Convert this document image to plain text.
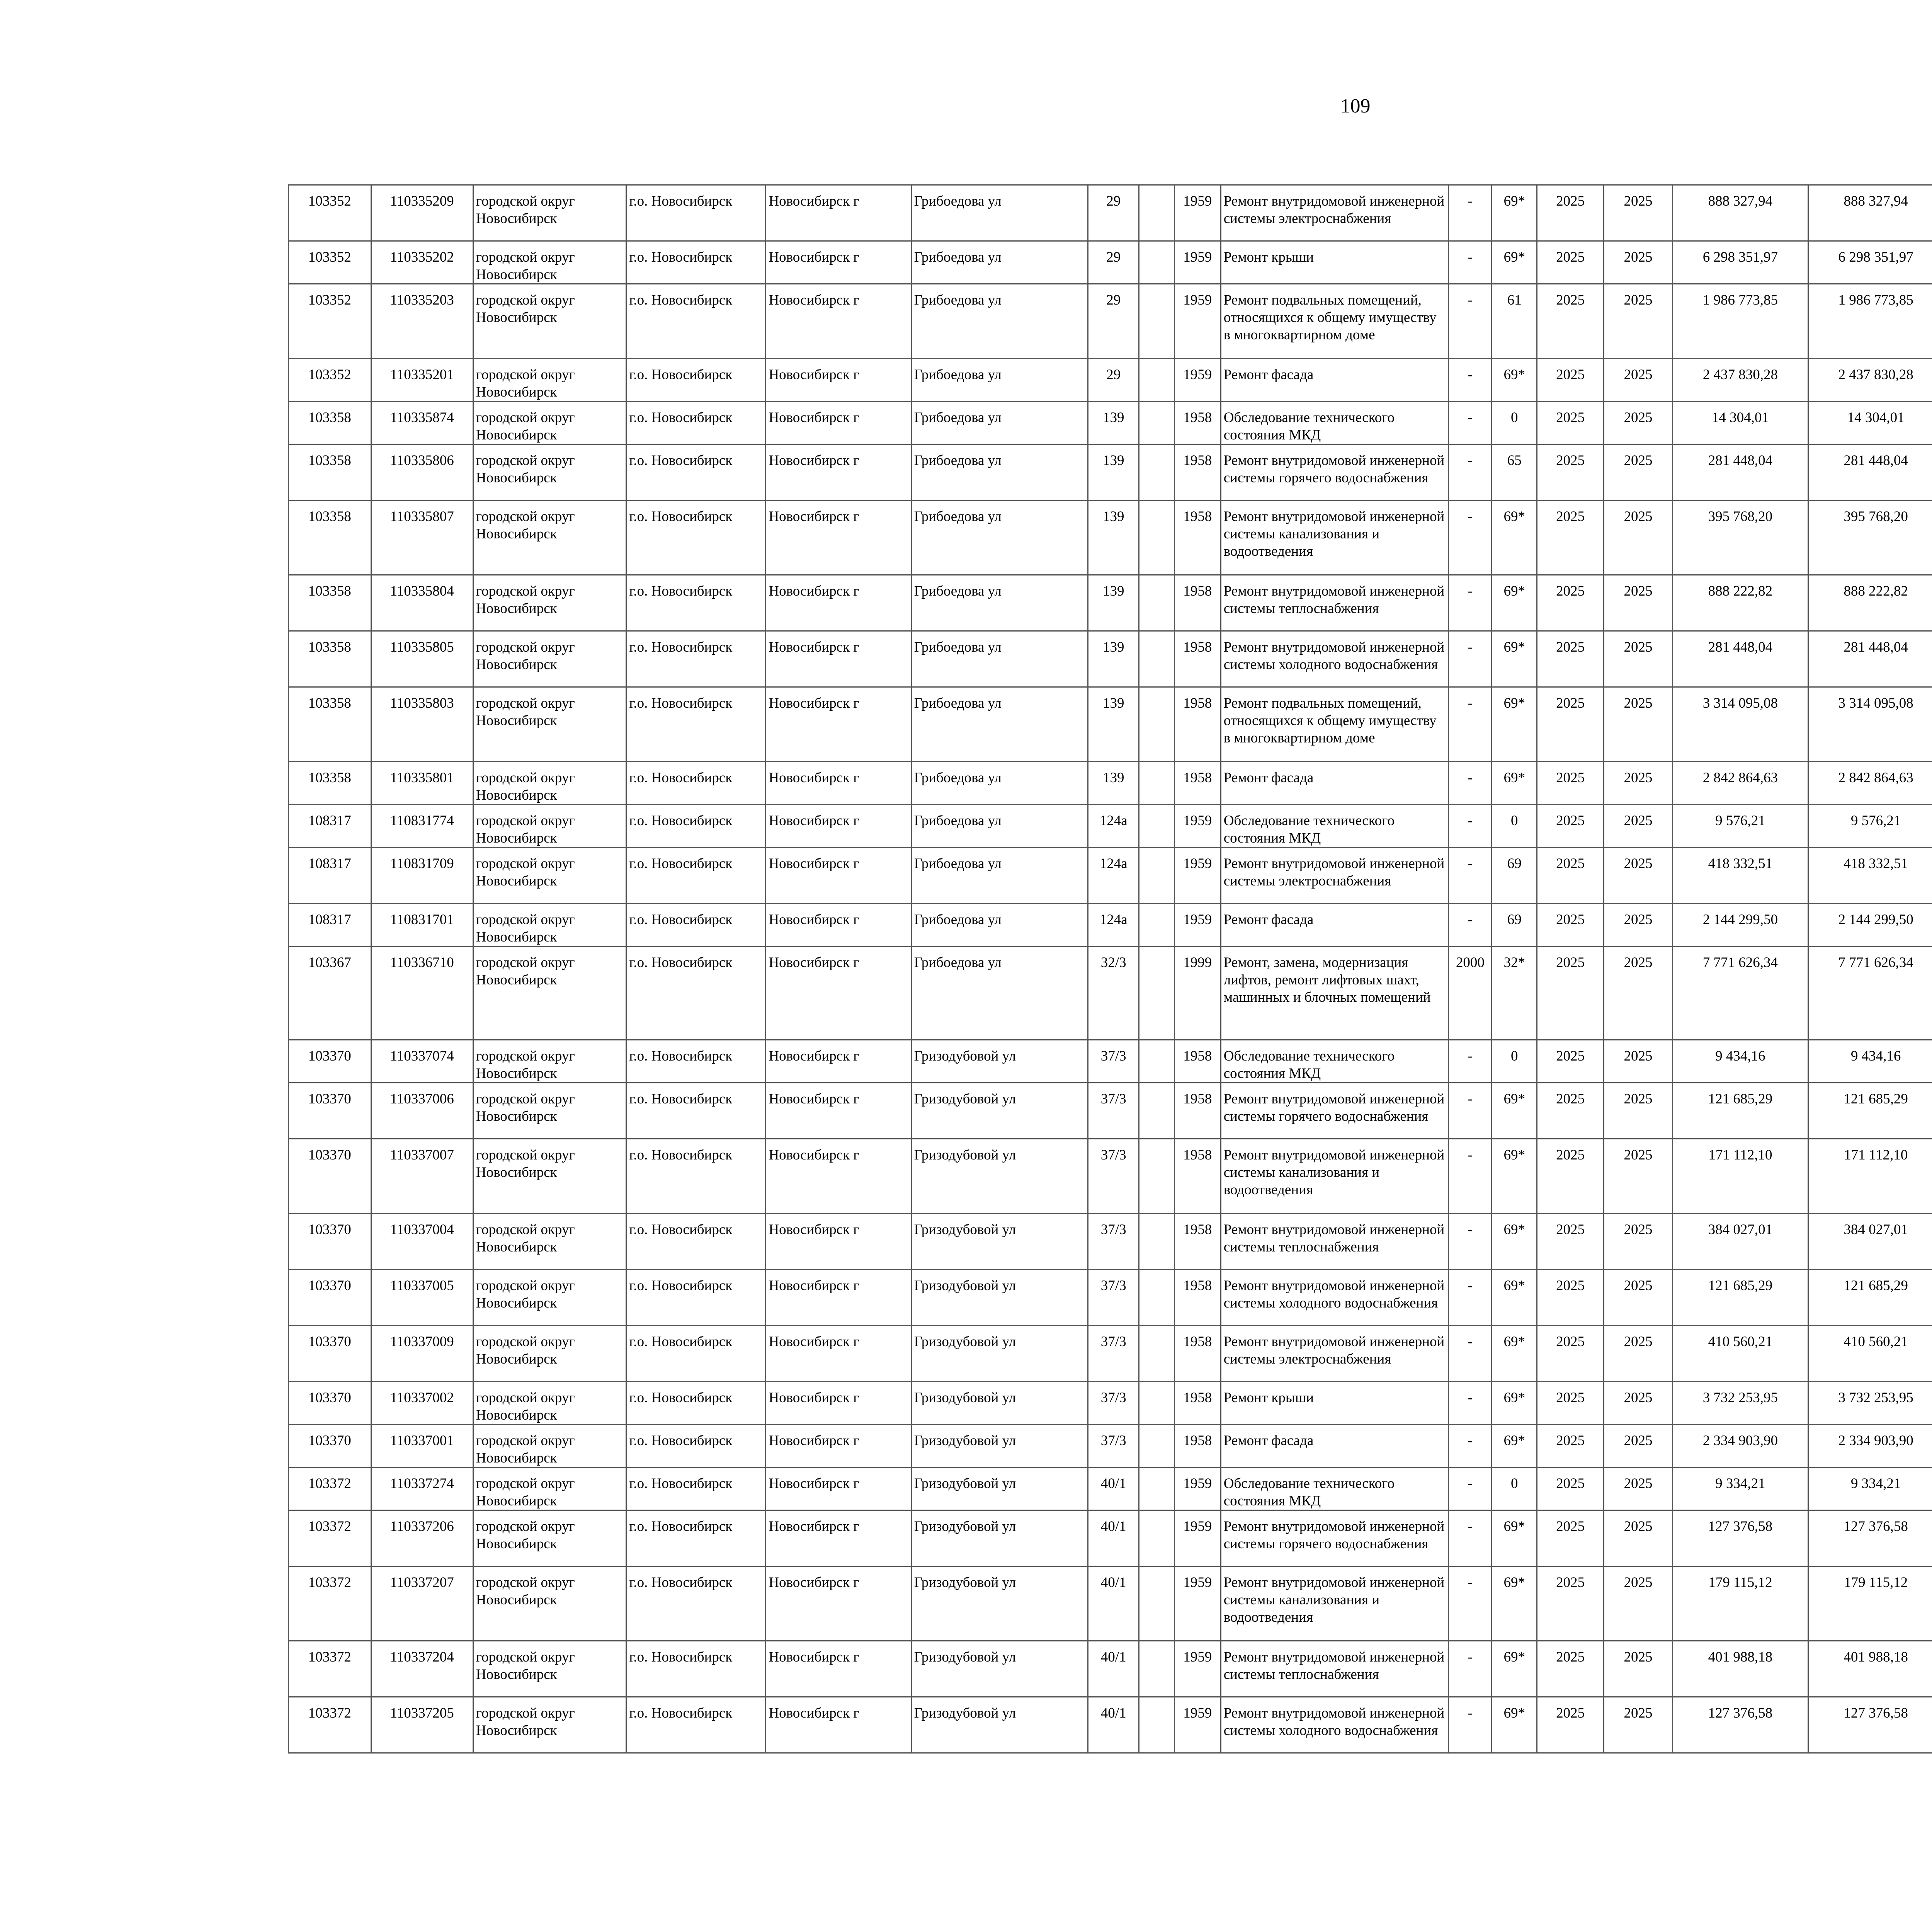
109
103352	110335209	городской округ Новосибирск	г.о. Новосибирск	Новосибирск г	Грибоедова ул	29		1959	Ремонт внутридомовой инженерной системы электроснабжения	-	69*	2025	2025	888 327,94	888 327,94						
103352	110335202	городской округ Новосибирск	г.о. Новосибирск	Новосибирск г	Грибоедова ул	29		1959	Ремонт крыши	-	69*	2025	2025	6 298 351,97	6 298 351,97						
103352	110335203	городской округ Новосибирск	г.о. Новосибирск	Новосибирск г	Грибоедова ул	29		1959	Ремонт подвальных помещений, относящихся к общему имуществу в многоквартирном доме	-	61	2025	2025	1 986 773,85	1 986 773,85						
103352	110335201	городской округ Новосибирск	г.о. Новосибирск	Новосибирск г	Грибоедова ул	29		1959	Ремонт фасада	-	69*	2025	2025	2 437 830,28	2 437 830,28						
103358	110335874	городской округ Новосибирск	г.о. Новосибирск	Новосибирск г	Грибоедова ул	139		1958	Обследование технического состояния МКД	-	0	2025	2025	14 304,01	14 304,01						
103358	110335806	городской округ Новосибирск	г.о. Новосибирск	Новосибирск г	Грибоедова ул	139		1958	Ремонт внутридомовой инженерной системы горячего водоснабжения	-	65	2025	2025	281 448,04	281 448,04						
103358	110335807	городской округ Новосибирск	г.о. Новосибирск	Новосибирск г	Грибоедова ул	139		1958	Ремонт внутридомовой инженерной системы канализования и водоотведения	-	69*	2025	2025	395 768,20	395 768,20						
103358	110335804	городской округ Новосибирск	г.о. Новосибирск	Новосибирск г	Грибоедова ул	139		1958	Ремонт внутридомовой инженерной системы теплоснабжения	-	69*	2025	2025	888 222,82	888 222,82						
103358	110335805	городской округ Новосибирск	г.о. Новосибирск	Новосибирск г	Грибоедова ул	139		1958	Ремонт внутридомовой инженерной системы холодного водоснабжения	-	69*	2025	2025	281 448,04	281 448,04						
103358	110335803	городской округ Новосибирск	г.о. Новосибирск	Новосибирск г	Грибоедова ул	139		1958	Ремонт подвальных помещений, относящихся к общему имуществу в многоквартирном доме	-	69*	2025	2025	3 314 095,08	3 314 095,08						
103358	110335801	городской округ Новосибирск	г.о. Новосибирск	Новосибирск г	Грибоедова ул	139		1958	Ремонт фасада	-	69*	2025	2025	2 842 864,63	2 842 864,63						
108317	110831774	городской округ Новосибирск	г.о. Новосибирск	Новосибирск г	Грибоедова ул	124а		1959	Обследование технического состояния МКД	-	0	2025	2025	9 576,21	9 576,21						
108317	110831709	городской округ Новосибирск	г.о. Новосибирск	Новосибирск г	Грибоедова ул	124а		1959	Ремонт внутридомовой инженерной системы электроснабжения	-	69	2025	2025	418 332,51	418 332,51						
108317	110831701	городской округ Новосибирск	г.о. Новосибирск	Новосибирск г	Грибоедова ул	124а		1959	Ремонт фасада	-	69	2025	2025	2 144 299,50	2 144 299,50						
103367	110336710	городской округ Новосибирск	г.о. Новосибирск	Новосибирск г	Грибоедова ул	32/3		1999	Ремонт, замена, модернизация лифтов, ремонт лифтовых шахт, машинных и блочных помещений	2000	32*	2025	2025	7 771 626,34	7 771 626,34						
103370	110337074	городской округ Новосибирск	г.о. Новосибирск	Новосибирск г	Гризодубовой ул	37/3		1958	Обследование технического состояния МКД	-	0	2025	2025	9 434,16	9 434,16						
103370	110337006	городской округ Новосибирск	г.о. Новосибирск	Новосибирск г	Гризодубовой ул	37/3		1958	Ремонт внутридомовой инженерной системы горячего водоснабжения	-	69*	2025	2025	121 685,29	121 685,29						
103370	110337007	городской округ Новосибирск	г.о. Новосибирск	Новосибирск г	Гризодубовой ул	37/3		1958	Ремонт внутридомовой инженерной системы канализования и водоотведения	-	69*	2025	2025	171 112,10	171 112,10						
103370	110337004	городской округ Новосибирск	г.о. Новосибирск	Новосибирск г	Гризодубовой ул	37/3		1958	Ремонт внутридомовой инженерной системы теплоснабжения	-	69*	2025	2025	384 027,01	384 027,01						
103370	110337005	городской округ Новосибирск	г.о. Новосибирск	Новосибирск г	Гризодубовой ул	37/3		1958	Ремонт внутридомовой инженерной системы холодного водоснабжения	-	69*	2025	2025	121 685,29	121 685,29						
103370	110337009	городской округ Новосибирск	г.о. Новосибирск	Новосибирск г	Гризодубовой ул	37/3		1958	Ремонт внутридомовой инженерной системы электроснабжения	-	69*	2025	2025	410 560,21	410 560,21						
103370	110337002	городской округ Новосибирск	г.о. Новосибирск	Новосибирск г	Гризодубовой ул	37/3		1958	Ремонт крыши	-	69*	2025	2025	3 732 253,95	3 732 253,95						
103370	110337001	городской округ Новосибирск	г.о. Новосибирск	Новосибирск г	Гризодубовой ул	37/3		1958	Ремонт фасада	-	69*	2025	2025	2 334 903,90	2 334 903,90						
103372	110337274	городской округ Новосибирск	г.о. Новосибирск	Новосибирск г	Гризодубовой ул	40/1		1959	Обследование технического состояния МКД	-	0	2025	2025	9 334,21	9 334,21						
103372	110337206	городской округ Новосибирск	г.о. Новосибирск	Новосибирск г	Гризодубовой ул	40/1		1959	Ремонт внутридомовой инженерной системы горячего водоснабжения	-	69*	2025	2025	127 376,58	127 376,58						
103372	110337207	городской округ Новосибирск	г.о. Новосибирск	Новосибирск г	Гризодубовой ул	40/1		1959	Ремонт внутридомовой инженерной системы канализования и водоотведения	-	69*	2025	2025	179 115,12	179 115,12						
103372	110337204	городской округ Новосибирск	г.о. Новосибирск	Новосибирск г	Гризодубовой ул	40/1		1959	Ремонт внутридомовой инженерной системы теплоснабжения	-	69*	2025	2025	401 988,18	401 988,18						
103372	110337205	городской округ Новосибирск	г.о. Новосибирск	Новосибирск г	Гризодубовой ул	40/1		1959	Ремонт внутридомовой инженерной системы холодного водоснабжения	-	69*	2025	2025	127 376,58	127 376,58						
